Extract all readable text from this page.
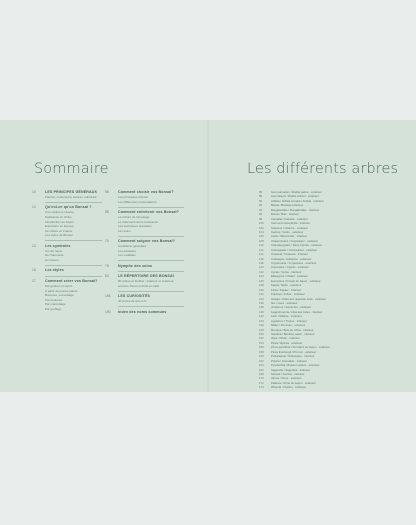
Sommaire	Les différents arbres
10	LES PRINCIPES GÉNÉRAUX
Plantes, conteneurs, terreau, substrats
12	Qu'est-ce qu'un Bonsaï ?
Une sculpture vivante
Naissance en Chine
Introduction au Japon
Expansion en Europe
Se cultive en France
Les styles de Bonsaï
13	Les symboles
Au ciel rayon
De l'harmonie
Au travers
16	Les styles
17	Comment créer vos Bonsaï?
Par graines et semis
À partir de jeunes plants
Boutures, marcottage
Par boutures
Par marcottage
Par greffage
56	Comment choisir vos Bonsaï?
Les principaux critères
Les différentes présentations
58	Comment entretenir vos Bonsaï?
La culture de l'arrosage
Le traitement de la croissance
Les techniques spéciales
Les soins
74	Comment soigner vos Bonsaï?
Conditions générales
Les parasites
Les maladies
78	Nymphe des soins
84	LE RÉPERTOIRE DES BONSAÏ
80 arbres et feuillus : intérieur et extérieur, sucrées, fleurs et fruits en taille
166	LES CURIOSITÉS
40 sortes de arts à cc
190	Index des noms communs
86	Acer palmatum / Érable palmé · extérieur
88	Acer wilsoni / Érable wilsoni · extérieur
90	Ardisia / Ardisia crenata / Ardisia · intérieur
92	Betula / Bouleau extérieur
94	Bougainvillée / Bougainvillée · intérieur
96	Buxus / Buis · intérieur
98	Camellia / Camélia · extérieur
100	Carmona microphylla · intérieur
102	Carpinus / Charme · extérieur
104	Cedrus / Cèdre · extérieur
106	Celtis / Micocoulier · intérieur
108	Chaenomeles / Cognassier · extérieur
110	Chamaecyparis / Faux-Cyprès · extérieur
112	Cotoneaster / Cotonéaster · extérieur
114	Crassula / Crassula · intérieur
116	Crataegus / Aubépine · extérieur
118	Cryptomeria / Cryptomère · extérieur
120	Cupressus / Cyprès · extérieur
122	Cycas / Cycas · intérieur
124	Elaeagnus / Chalef · extérieur
126	Euonymus / Fusain du Japon · extérieur
128	Fagus / Hêtre · extérieur
130	Ficus / Figuier · intérieur
132	Fraxinus / Frêne · extérieur
134	Ginkgo / Arbre aux quarante écus · extérieur
136	Ilex / Houx · extérieur
138	Juniperus / Genévrier · extérieur
140	Lagerstroemia / Lilas des Indes · intérieur
142	Larix / Mélèze · extérieur
144	Ligustrum / Troène · intérieur
146	Malus / Pommier · extérieur
148	Murraya / Buis de Chine · intérieur
150	Nandina / Bambou sacré · intérieur
152	Olea / Olivier · intérieur
154	Picea / Épicéa · extérieur
156	Pinus parviflora / Pin blanc du Japon · extérieur
158	Pinus thunbergii / Pin noir · extérieur
160	Podocarpus / Podocarpe · intérieur
162	Punica / Grenadier · intérieur
164	Pyracantha / Buisson ardent · extérieur
166	Sageretia / Sagérétia · intérieur
168	Serissa / Serissa · intérieur
170	Ulmus / Orme · extérieur
172	Zelkova / Orme du Japon · extérieur
174	Wisteria / Glycine · extérieur
